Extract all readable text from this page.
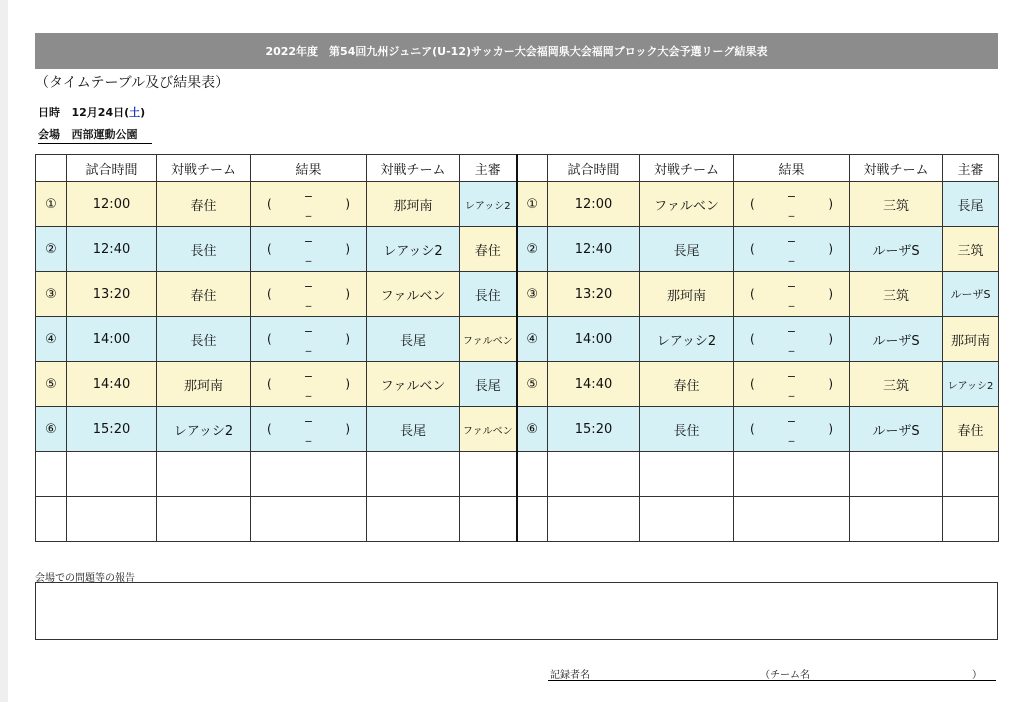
2022年度　第54回九州ジュニア(U-12)サッカー大会福岡県大会福岡ブロック大会予選リーグ結果表
（タイムテーブル及び結果表）
日時 12月24日(土)
会場 西部運動公園
	試合時間	対戦チーム	結果	対戦チーム	主審		試合時間	対戦チーム	結果	対戦チーム	主審
①	12:00	春住	(
−
_ )	那珂南	レアッシ2	①	12:00	ファルベン	(
−
_ )	三筑	長尾
②	12:40	長住	(
−
_ )	レアッシ2	春住	②	12:40	長尾	(
−
_ )	ルーザS	三筑
③	13:20	春住	(
−
_ )	ファルベン	長住	③	13:20	那珂南	(
−
_ )	三筑	ルーザS
④	14:00	長住	(
−
_ )	長尾	ファルベン	④	14:00	レアッシ2	(
−
_ )	ルーザS	那珂南
⑤	14:40	那珂南	(
−
_ )	ファルベン	長尾	⑤	14:40	春住	(
−
_ )	三筑	レアッシ2
⑥	15:20	レアッシ2	(
−
_ )	長尾	ファルベン	⑥	15:20	長住	(
−
_ )	ルーザS	春住

会場での問題等の報告
記録者名	（チーム名	）
